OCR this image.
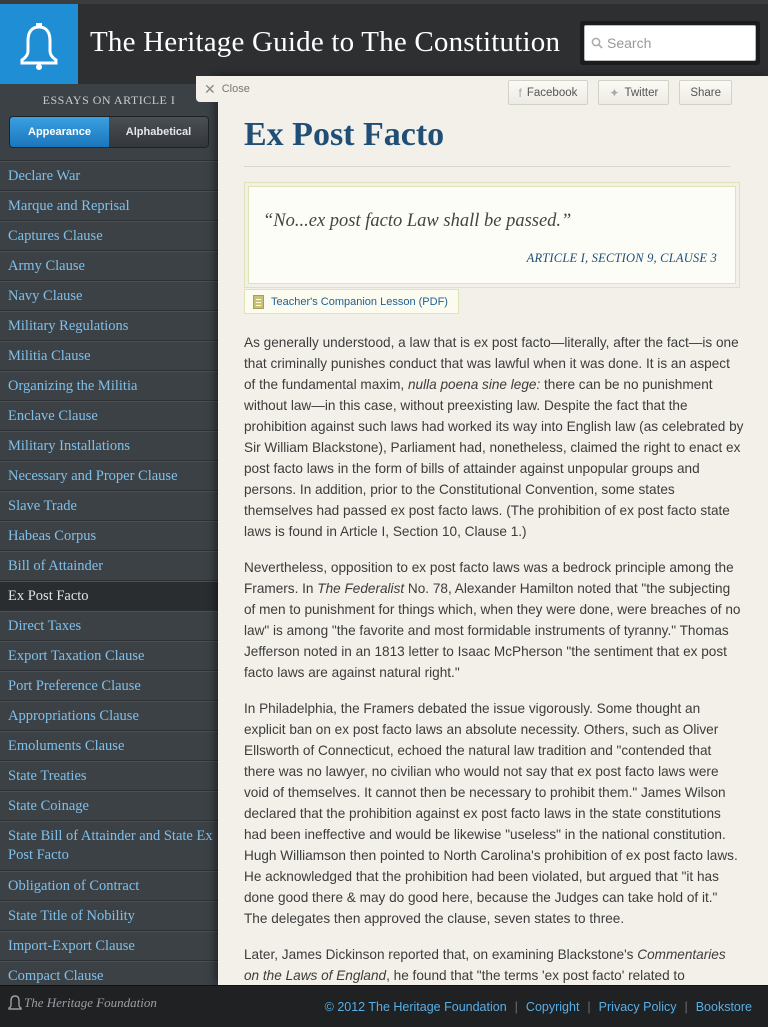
The Heritage Guide to The Constitution
Search
ESSAYS ON ARTICLE I
Appearance	Alphabetical
Declare War
Marque and Reprisal
Captures Clause
Army Clause
Navy Clause
Military Regulations
Militia Clause
Organizing the Militia
Enclave Clause
Military Installations
Necessary and Proper Clause
Slave Trade
Habeas Corpus
Bill of Attainder
Ex Post Facto
Direct Taxes
Export Taxation Clause
Port Preference Clause
Appropriations Clause
Emoluments Clause
State Treaties
State Coinage
State Bill of Attainder and State Ex Post Facto
Obligation of Contract
State Title of Nobility
Import-Export Clause
Compact Clause
f Facebook	✦ Twitter	Share
Ex Post Facto
“No...ex post facto Law shall be passed.”
ARTICLE I, SECTION 9, CLAUSE 3
Teacher's Companion Lesson (PDF)

As generally understood, a law that is ex post facto—literally, after the fact—is one that criminally punishes conduct that was lawful when it was done. It is an aspect of the fundamental maxim, nulla poena sine lege: there can be no punishment without law—in this case, without preexisting law. Despite the fact that the prohibition against such laws had worked its way into English law (as celebrated by Sir William Blackstone), Parliament had, nonetheless, claimed the right to enact ex post facto laws in the form of bills of attainder against unpopular groups and persons. In addition, prior to the Constitutional Convention, some states themselves had passed ex post facto laws. (The prohibition of ex post facto state laws is found in Article I, Section 10, Clause 1.)

Nevertheless, opposition to ex post facto laws was a bedrock principle among the Framers. In The Federalist No. 78, Alexander Hamilton noted that "the subjecting of men to punishment for things which, when they were done, were breaches of no law" is among "the favorite and most formidable instruments of tyranny." Thomas Jefferson noted in an 1813 letter to Isaac McPherson "the sentiment that ex post facto laws are against natural right."

In Philadelphia, the Framers debated the issue vigorously. Some thought an explicit ban on ex post facto laws an absolute necessity. Others, such as Oliver Ellsworth of Connecticut, echoed the natural law tradition and "contended that there was no lawyer, no civilian who would not say that ex post facto laws were void of themselves. It cannot then be necessary to prohibit them." James Wilson declared that the prohibition against ex post facto laws in the state constitutions had been ineffective and would be likewise "useless" in the national constitution. Hugh Williamson then pointed to North Carolina's prohibition of ex post facto laws. He acknowledged that the prohibition had been violated, but argued that "it has done good there & may do good here, because the Judges can take hold of it." The delegates then approved the clause, seven states to three.

Later, James Dickinson reported that, on examining Blackstone's Commentaries on the Laws of England, he found that "the terms 'ex post facto' related to

✕ Close
The Heritage Foundation	© 2012 The Heritage Foundation | Copyright | Privacy Policy | Bookstore
